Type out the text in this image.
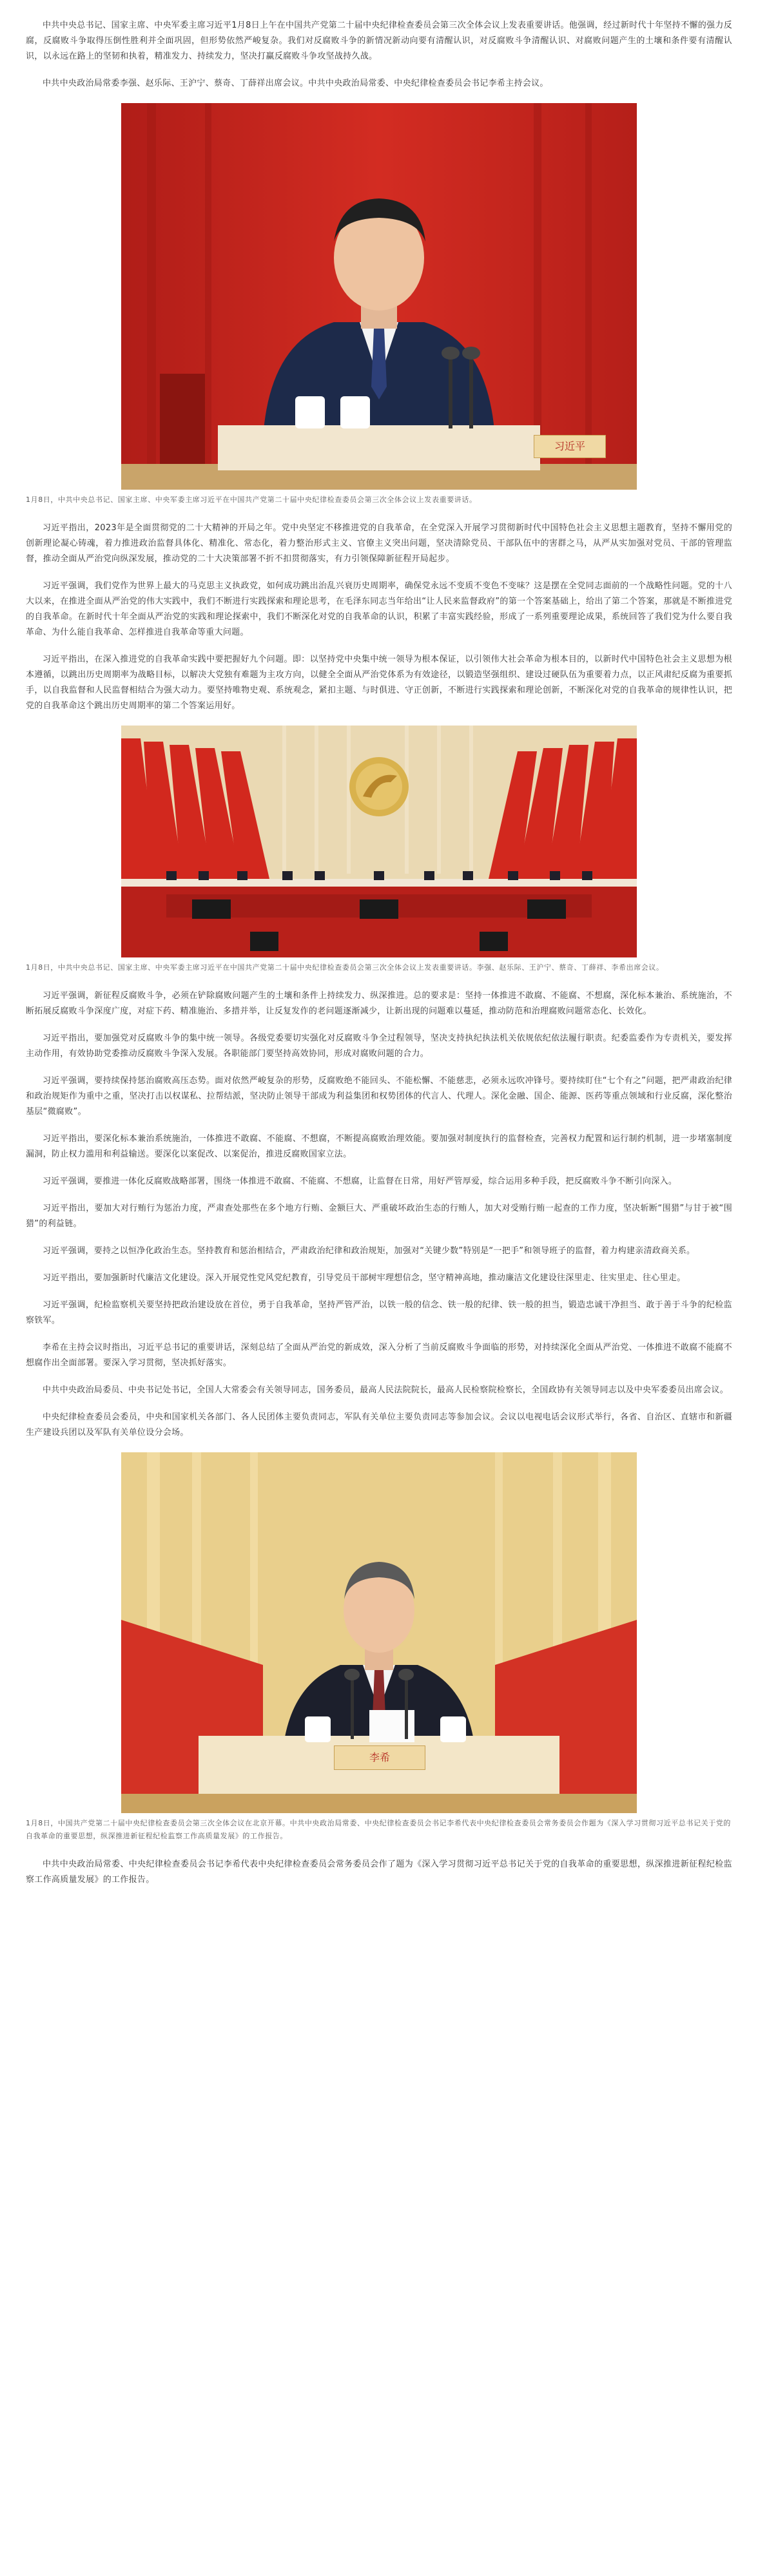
中共中央总书记、国家主席、中央军委主席习近平1月8日上午在中国共产党第二十届中央纪律检查委员会第三次全体会议上发表重要讲话。他强调，经过新时代十年坚持不懈的强力反腐，反腐败斗争取得压倒性胜利并全面巩固，但形势依然严峻复杂。我们对反腐败斗争的新情况新动向要有清醒认识，对反腐败斗争清醒认识、对腐败问题产生的土壤和条件要有清醒认识，以永远在路上的坚韧和执着，精准发力、持续发力，坚决打赢反腐败斗争攻坚战持久战。

中共中央政治局常委李强、赵乐际、王沪宁、蔡奇、丁薛祥出席会议。中共中央政治局常委、中央纪律检查委员会书记李希主持会议。

习近平

1月8日，中共中央总书记、国家主席、中央军委主席习近平在中国共产党第二十届中央纪律检查委员会第三次全体会议上发表重要讲话。

习近平指出，2023年是全面贯彻党的二十大精神的开局之年。党中央坚定不移推进党的自我革命，在全党深入开展学习贯彻新时代中国特色社会主义思想主题教育，坚持不懈用党的创新理论凝心铸魂，着力推进政治监督具体化、精准化、常态化，着力整治形式主义、官僚主义突出问题，坚决清除党员、干部队伍中的害群之马，从严从实加强对党员、干部的管理监督，推动全面从严治党向纵深发展，推动党的二十大决策部署不折不扣贯彻落实，有力引领保障新征程开局起步。

习近平强调，我们党作为世界上最大的马克思主义执政党，如何成功跳出治乱兴衰历史周期率，确保党永远不变质不变色不变味？这是摆在全党同志面前的一个战略性问题。党的十八大以来，在推进全面从严治党的伟大实践中，我们不断进行实践探索和理论思考，在毛泽东同志当年给出“让人民来监督政府”的第一个答案基础上，给出了第二个答案，那就是不断推进党的自我革命。在新时代十年全面从严治党的实践和理论探索中，我们不断深化对党的自我革命的认识，积累了丰富实践经验，形成了一系列重要理论成果，系统回答了我们党为什么要自我革命、为什么能自我革命、怎样推进自我革命等重大问题。

习近平指出，在深入推进党的自我革命实践中要把握好九个问题。即：以坚持党中央集中统一领导为根本保证，以引领伟大社会革命为根本目的，以新时代中国特色社会主义思想为根本遵循，以跳出历史周期率为战略目标，以解决大党独有难题为主攻方向，以健全全面从严治党体系为有效途径，以锻造坚强组织、建设过硬队伍为重要着力点，以正风肃纪反腐为重要抓手，以自我监督和人民监督相结合为强大动力。要坚持唯物史观、系统观念，紧扣主题、与时俱进、守正创新，不断进行实践探索和理论创新，不断深化对党的自我革命的规律性认识，把党的自我革命这个跳出历史周期率的第二个答案运用好。

1月8日，中共中央总书记、国家主席、中央军委主席习近平在中国共产党第二十届中央纪律检查委员会第三次全体会议上发表重要讲话。李强、赵乐际、王沪宁、蔡奇、丁薛祥、李希出席会议。

习近平强调，新征程反腐败斗争，必须在铲除腐败问题产生的土壤和条件上持续发力、纵深推进。总的要求是：坚持一体推进不敢腐、不能腐、不想腐，深化标本兼治、系统施治，不断拓展反腐败斗争深度广度，对症下药、精准施治、多措并举，让反复发作的老问题逐渐减少，让新出现的问题难以蔓延，推动防范和治理腐败问题常态化、长效化。

习近平指出，要加强党对反腐败斗争的集中统一领导。各级党委要切实强化对反腐败斗争全过程领导，坚决支持执纪执法机关依规依纪依法履行职责。纪委监委作为专责机关，要发挥主动作用，有效协助党委推动反腐败斗争深入发展。各职能部门要坚持高效协同，形成对腐败问题的合力。

习近平强调，要持续保持惩治腐败高压态势。面对依然严峻复杂的形势，反腐败绝不能回头、不能松懈、不能慈悲，必须永远吹冲锋号。要持续盯住“七个有之”问题，把严肃政治纪律和政治规矩作为重中之重，坚决打击以权谋私、拉帮结派，坚决防止领导干部成为利益集团和权势团体的代言人、代理人。深化金融、国企、能源、医药等重点领域和行业反腐，深化整治基层“微腐败”。

习近平指出，要深化标本兼治系统施治，一体推进不敢腐、不能腐、不想腐，不断提高腐败治理效能。要加强对制度执行的监督检查，完善权力配置和运行制约机制，进一步堵塞制度漏洞，防止权力滥用和利益输送。要深化以案促改、以案促治，推进反腐败国家立法。

习近平强调，要推进一体化反腐败战略部署，围绕一体推进不敢腐、不能腐、不想腐，让监督在日常，用好严管厚爱，综合运用多种手段，把反腐败斗争不断引向深入。

习近平指出，要加大对行贿行为惩治力度，严肃查处那些在多个地方行贿、金额巨大、严重破坏政治生态的行贿人，加大对受贿行贿一起查的工作力度，坚决斩断“围猎”与甘于被“围猎”的利益链。

习近平强调，要持之以恒净化政治生态。坚持教育和惩治相结合，严肃政治纪律和政治规矩，加强对“关键少数”特别是“一把手”和领导班子的监督，着力构建亲清政商关系。

习近平指出，要加强新时代廉洁文化建设。深入开展党性党风党纪教育，引导党员干部树牢理想信念，坚守精神高地，推动廉洁文化建设往深里走、往实里走、往心里走。

习近平强调，纪检监察机关要坚持把政治建设放在首位，勇于自我革命，坚持严管严治，以铁一般的信念、铁一般的纪律、铁一般的担当，锻造忠诚干净担当、敢于善于斗争的纪检监察铁军。

李希在主持会议时指出，习近平总书记的重要讲话，深刻总结了全面从严治党的新成效，深入分析了当前反腐败斗争面临的形势，对持续深化全面从严治党、一体推进不敢腐不能腐不想腐作出全面部署。要深入学习贯彻，坚决抓好落实。

中共中央政治局委员、中央书记处书记，全国人大常委会有关领导同志，国务委员，最高人民法院院长，最高人民检察院检察长，全国政协有关领导同志以及中央军委委员出席会议。

中央纪律检查委员会委员，中央和国家机关各部门、各人民团体主要负责同志，军队有关单位主要负责同志等参加会议。会议以电视电话会议形式举行，各省、自治区、直辖市和新疆生产建设兵团以及军队有关单位设分会场。

李希

1月8日，中国共产党第二十届中央纪律检查委员会第三次全体会议在北京开幕。中共中央政治局常委、中央纪律检查委员会书记李希代表中央纪律检查委员会常务委员会作题为《深入学习贯彻习近平总书记关于党的自我革命的重要思想，纵深推进新征程纪检监察工作高质量发展》的工作报告。

中共中央政治局常委、中央纪律检查委员会书记李希代表中央纪律检查委员会常务委员会作了题为《深入学习贯彻习近平总书记关于党的自我革命的重要思想，纵深推进新征程纪检监察工作高质量发展》的工作报告。
